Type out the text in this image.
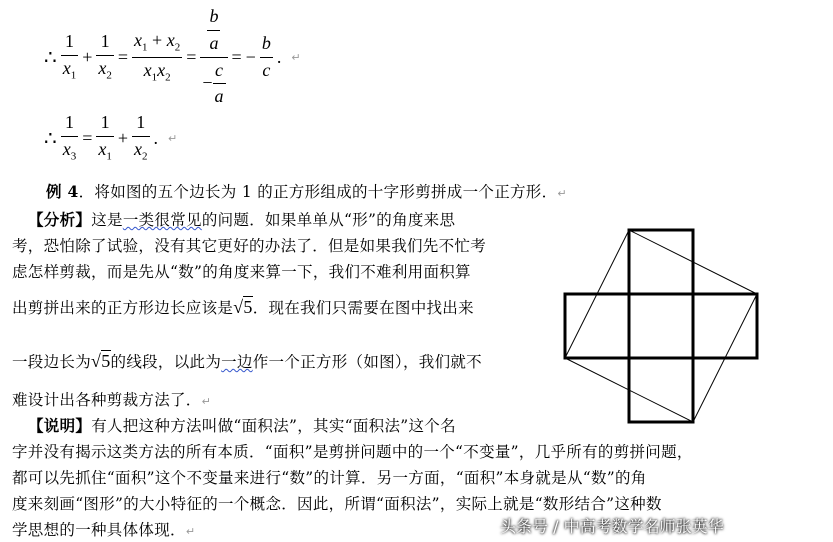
∴ $\frac{1}{x_1} + \frac{1}{x_2} = \frac{x_1 + x_2}{x_1x_2} = \frac{\frac{b}{a}}{- \frac{c}{a}}$ = − $\frac{b}{c}$ . ↵
∴ $\frac{1}{x_3} = \frac{1}{x_1} + \frac{1}{x_2}$ . ↵
例 4．将如图的五个边长为 1 的正方形组成的十字形剪拼成一个正方形．↵
【分析】这是一类很常见的问题．如果单单从“形”的角度来思
考，恐怕除了试验，没有其它更好的办法了．但是如果我们先不忙考
虑怎样剪裁，而是先从“数”的角度来算一下，我们不难利用面积算
出剪拼出来的正方形边长应该是√5．现在我们只需要在图中找出来
一段边长为√5的线段，以此为一边作一个正方形（如图），我们就不
难设计出各种剪裁方法了．↵
【说明】有人把这种方法叫做“面积法”，其实“面积法”这个名
字并没有揭示这类方法的所有本质．“面积”是剪拼问题中的一个“不变量”，几乎所有的剪拼问题，
都可以先抓住“面积”这个不变量来进行“数”的计算．另一方面，“面积”本身就是从“数”的角
度来刻画“图形”的大小特征的一个概念．因此，所谓“面积法”，实际上就是“数形结合”这种数
学思想的一种具体体现．↵	头条号 / 中高考数学名师张英华
